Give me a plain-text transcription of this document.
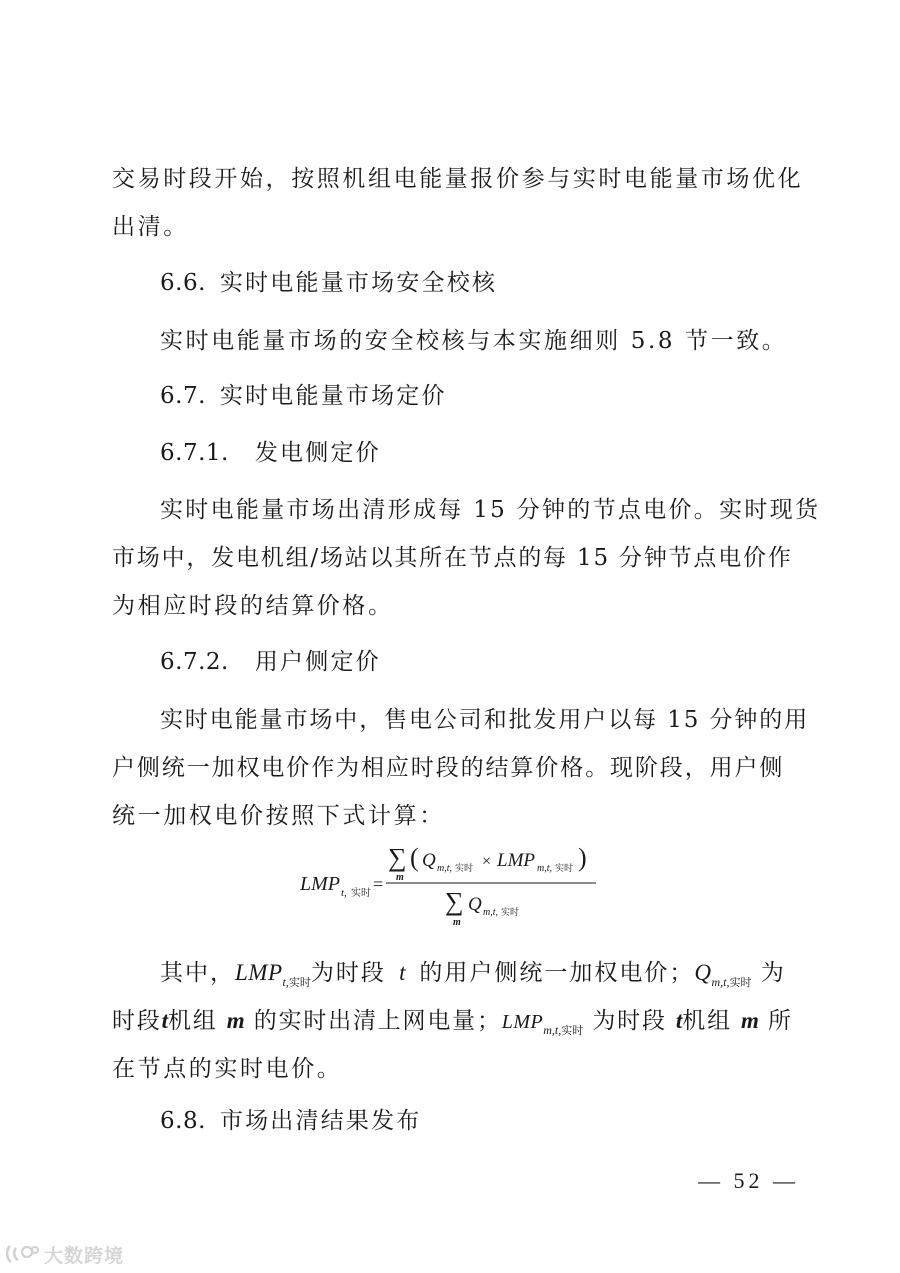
交易时段开始，按照机组电能量报价参与实时电能量市场优化
出清。
6.6. 实时电能量市场安全校核
实时电能量市场的安全校核与本实施细则 5.8 节一致。
6.7. 实时电能量市场定价
6.7.1. 发电侧定价
实时电能量市场出清形成每 15 分钟的节点电价。实时现货
市场中，发电机组/场站以其所在节点的每 15 分钟节点电价作
为相应时段的结算价格。
6.7.2. 用户侧定价
实时电能量市场中，售电公司和批发用户以每 15 分钟的用
户侧统一加权电价作为相应时段的结算价格。现阶段，用户侧
统一加权电价按照下式计算：
LMP t, 实时 =
∑
m
( Q m,t, 实时 × LMP m,t, 实时 )
∑
m
Q m,t, 实时
其中，$LMP_{t,实时}$为时段 t 的用户侧统一加权电价；$Q_{m,t,实时}$ 为
时段t机组 m 的实时出清上网电量；$LMP_{m,t,实时}$ 为时段 t机组 m 所
在节点的实时电价。
6.8. 市场出清结果发布
— 52 —
大数跨境
